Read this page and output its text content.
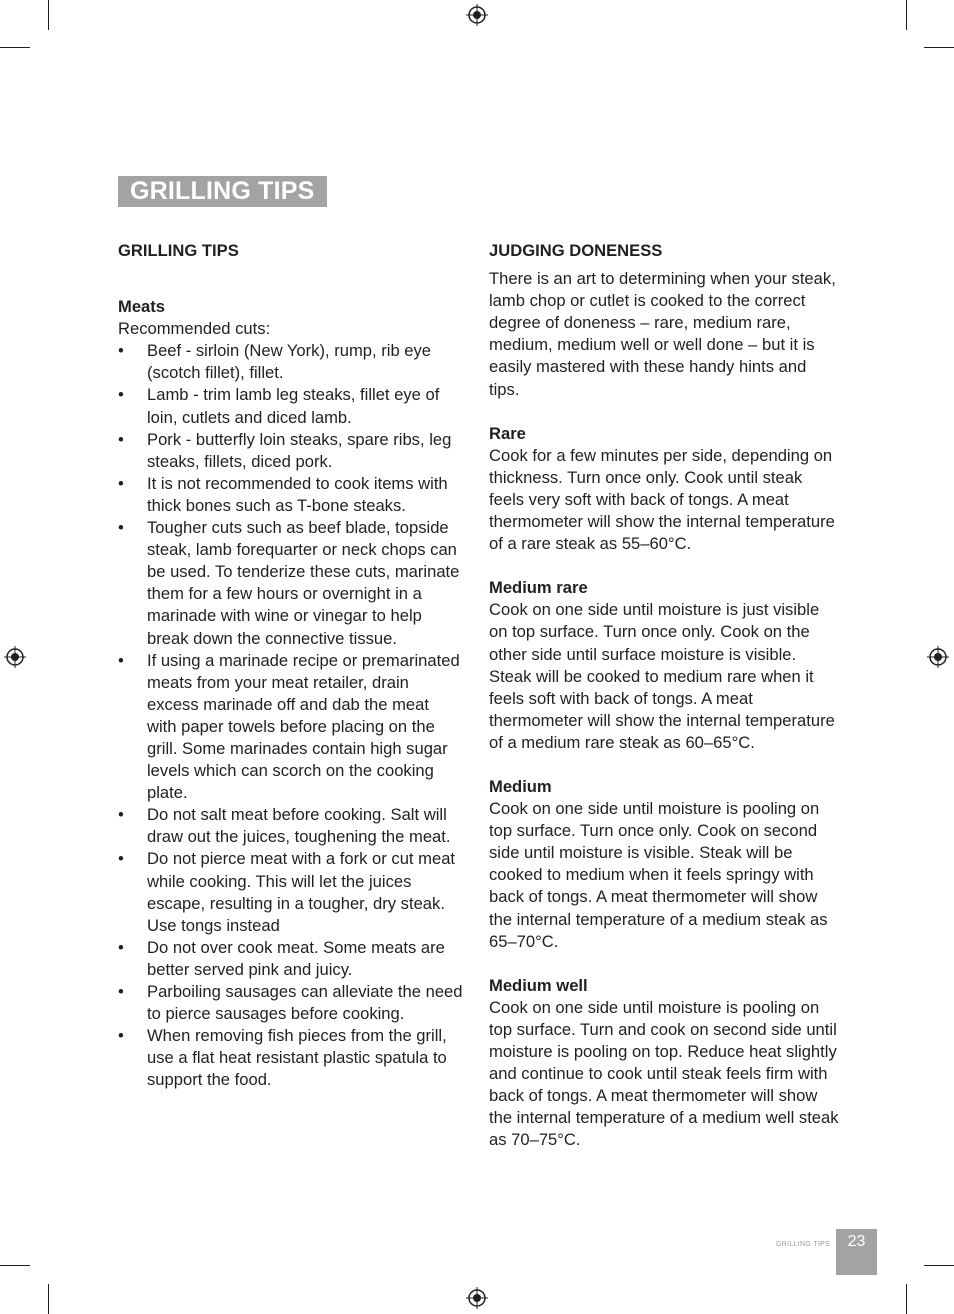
GRILLING TIPS
GRILLING TIPS
Meats

Recommended cuts:

• Beef - sirloin (New York), rump, rib eye (scotch fillet), fillet.
• Lamb - trim lamb leg steaks, fillet eye of loin, cutlets and diced lamb.
• Pork - butterfly loin steaks, spare ribs, leg steaks, fillets, diced pork.
• It is not recommended to cook items with thick bones such as T-bone steaks.
• Tougher cuts such as beef blade, topside steak, lamb forequarter or neck chops can be used. To tenderize these cuts, marinate them for a few hours or overnight in a marinade with wine or vinegar to help break down the connective tissue.
• If using a marinade recipe or premarinated meats from your meat retailer, drain excess marinade off and dab the meat with paper towels before placing on the grill. Some marinades contain high sugar levels which can scorch on the cooking plate.
• Do not salt meat before cooking. Salt will draw out the juices, toughening the meat.
• Do not pierce meat with a fork or cut meat while cooking. This will let the juices escape, resulting in a tougher, dry steak. Use tongs instead
• Do not over cook meat. Some meats are better served pink and juicy.
• Parboiling sausages can alleviate the need to pierce sausages before cooking.
• When removing fish pieces from the grill, use a flat heat resistant plastic spatula to support the food.
JUDGING DONENESS

There is an art to determining when your steak, lamb chop or cutlet is cooked to the correct degree of doneness – rare, medium rare, medium, medium well or well done – but it is easily mastered with these handy hints and tips.

Rare

Cook for a few minutes per side, depending on thickness. Turn once only. Cook until steak feels very soft with back of tongs. A meat thermometer will show the internal temperature of a rare steak as 55–60°C.

Medium rare

Cook on one side until moisture is just visible on top surface. Turn once only. Cook on the other side until surface moisture is visible. Steak will be cooked to medium rare when it feels soft with back of tongs. A meat thermometer will show the internal temperature of a medium rare steak as 60–65°C.

Medium

Cook on one side until moisture is pooling on top surface. Turn once only. Cook on second side until moisture is visible. Steak will be cooked to medium when it feels springy with back of tongs. A meat thermometer will show the internal temperature of a medium steak as 65–70°C.

Medium well

Cook on one side until moisture is pooling on top surface. Turn and cook on second side until moisture is pooling on top. Reduce heat slightly and continue to cook until steak feels firm with back of tongs. A meat thermometer will show the internal temperature of a medium well steak as 70–75°C.

GRILLING TIPS	23
